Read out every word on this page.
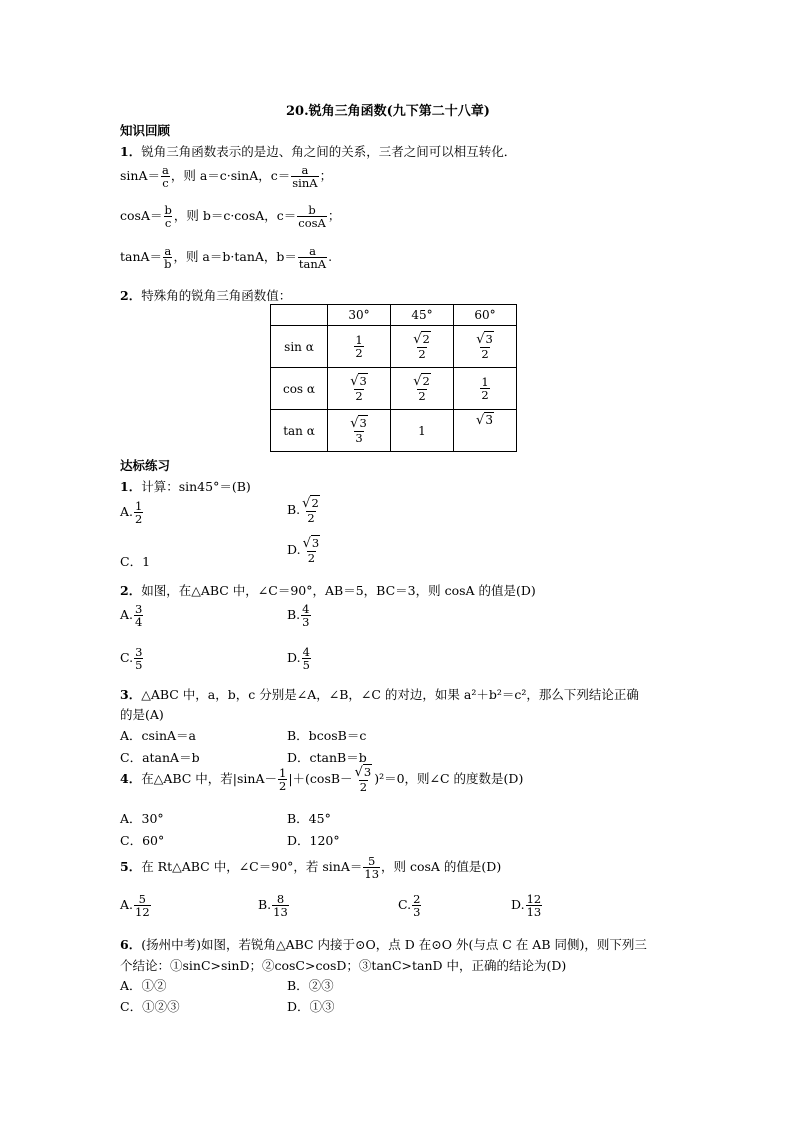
20.锐角三角函数(九下第二十八章)
知识回顾
1．锐角三角函数表示的是边、角之间的关系，三者之间可以相互转化．
$\sin A= \frac{a}{c}$ ，则 a＝c·sinA，$c= \frac{a}{\sin A}$ ；
$\cos A= \frac{b}{c}$ ，则 b＝c·cosA，$c= \frac{b}{\cos A}$ ；
$\tan A= \frac{a}{b}$ ，则 a＝b·tanA，$b= \frac{a}{\tan A}$ .
2．特殊角的锐角三角函数值：
	30°	45°	60°
sin α	$\frac{1}{2}$	$\frac{√2}{2}$	$\frac{√3}{2}$

cos α	$\frac{√3}{2}$	$\frac{√2}{2}$	$\frac{1}{2}$

tan α	$\frac{√3}{3}$	1	√3
达标练习
1．计算：sin45°＝(B)
A. $\frac{1}{2}$	B. $\frac{√2}{2}$
C．1
D. $\frac{√3}{2}$
2．如图，在△ABC 中，∠C＝90°，AB＝5，BC＝3，则 cosA 的值是(D)
A. $\frac{3}{4}$	B. $\frac{4}{3}$
C. $\frac{3}{5}$	D. $\frac{4}{5}$
3．△ABC 中，a，b，c 分别是∠A，∠B，∠C 的对边，如果 a²＋b²＝c²，那么下列结论正确
的是(A)
A．csinA＝a	B．bcosB＝c
C．atanA＝b	D．ctanB＝b
4．在△ABC 中，若$|\sin A- \frac{1}{2} |+(\cos B- \frac{√3}{2} )^2=0$，则∠C 的度数是(D)
A．30°	B．45°
C．60°	D．120°
5．在 Rt△ABC 中，∠C＝90°，若 $\sin A= \frac{5}{13}$ ，则 cosA 的值是(D)
A. $\frac{5}{12}$	B. $\frac{8}{13}$	C. $\frac{2}{3}$	D. $\frac{12}{13}$
6．(扬州中考)如图，若锐角△ABC 内接于⊙O，点 D 在⊙O 外(与点 C 在 AB 同侧)，则下列三
个结论：①sinC>sinD；②cosC>cosD；③tanC>tanD 中，正确的结论为(D)
A．①②	B．②③
C．①②③	D．①③
